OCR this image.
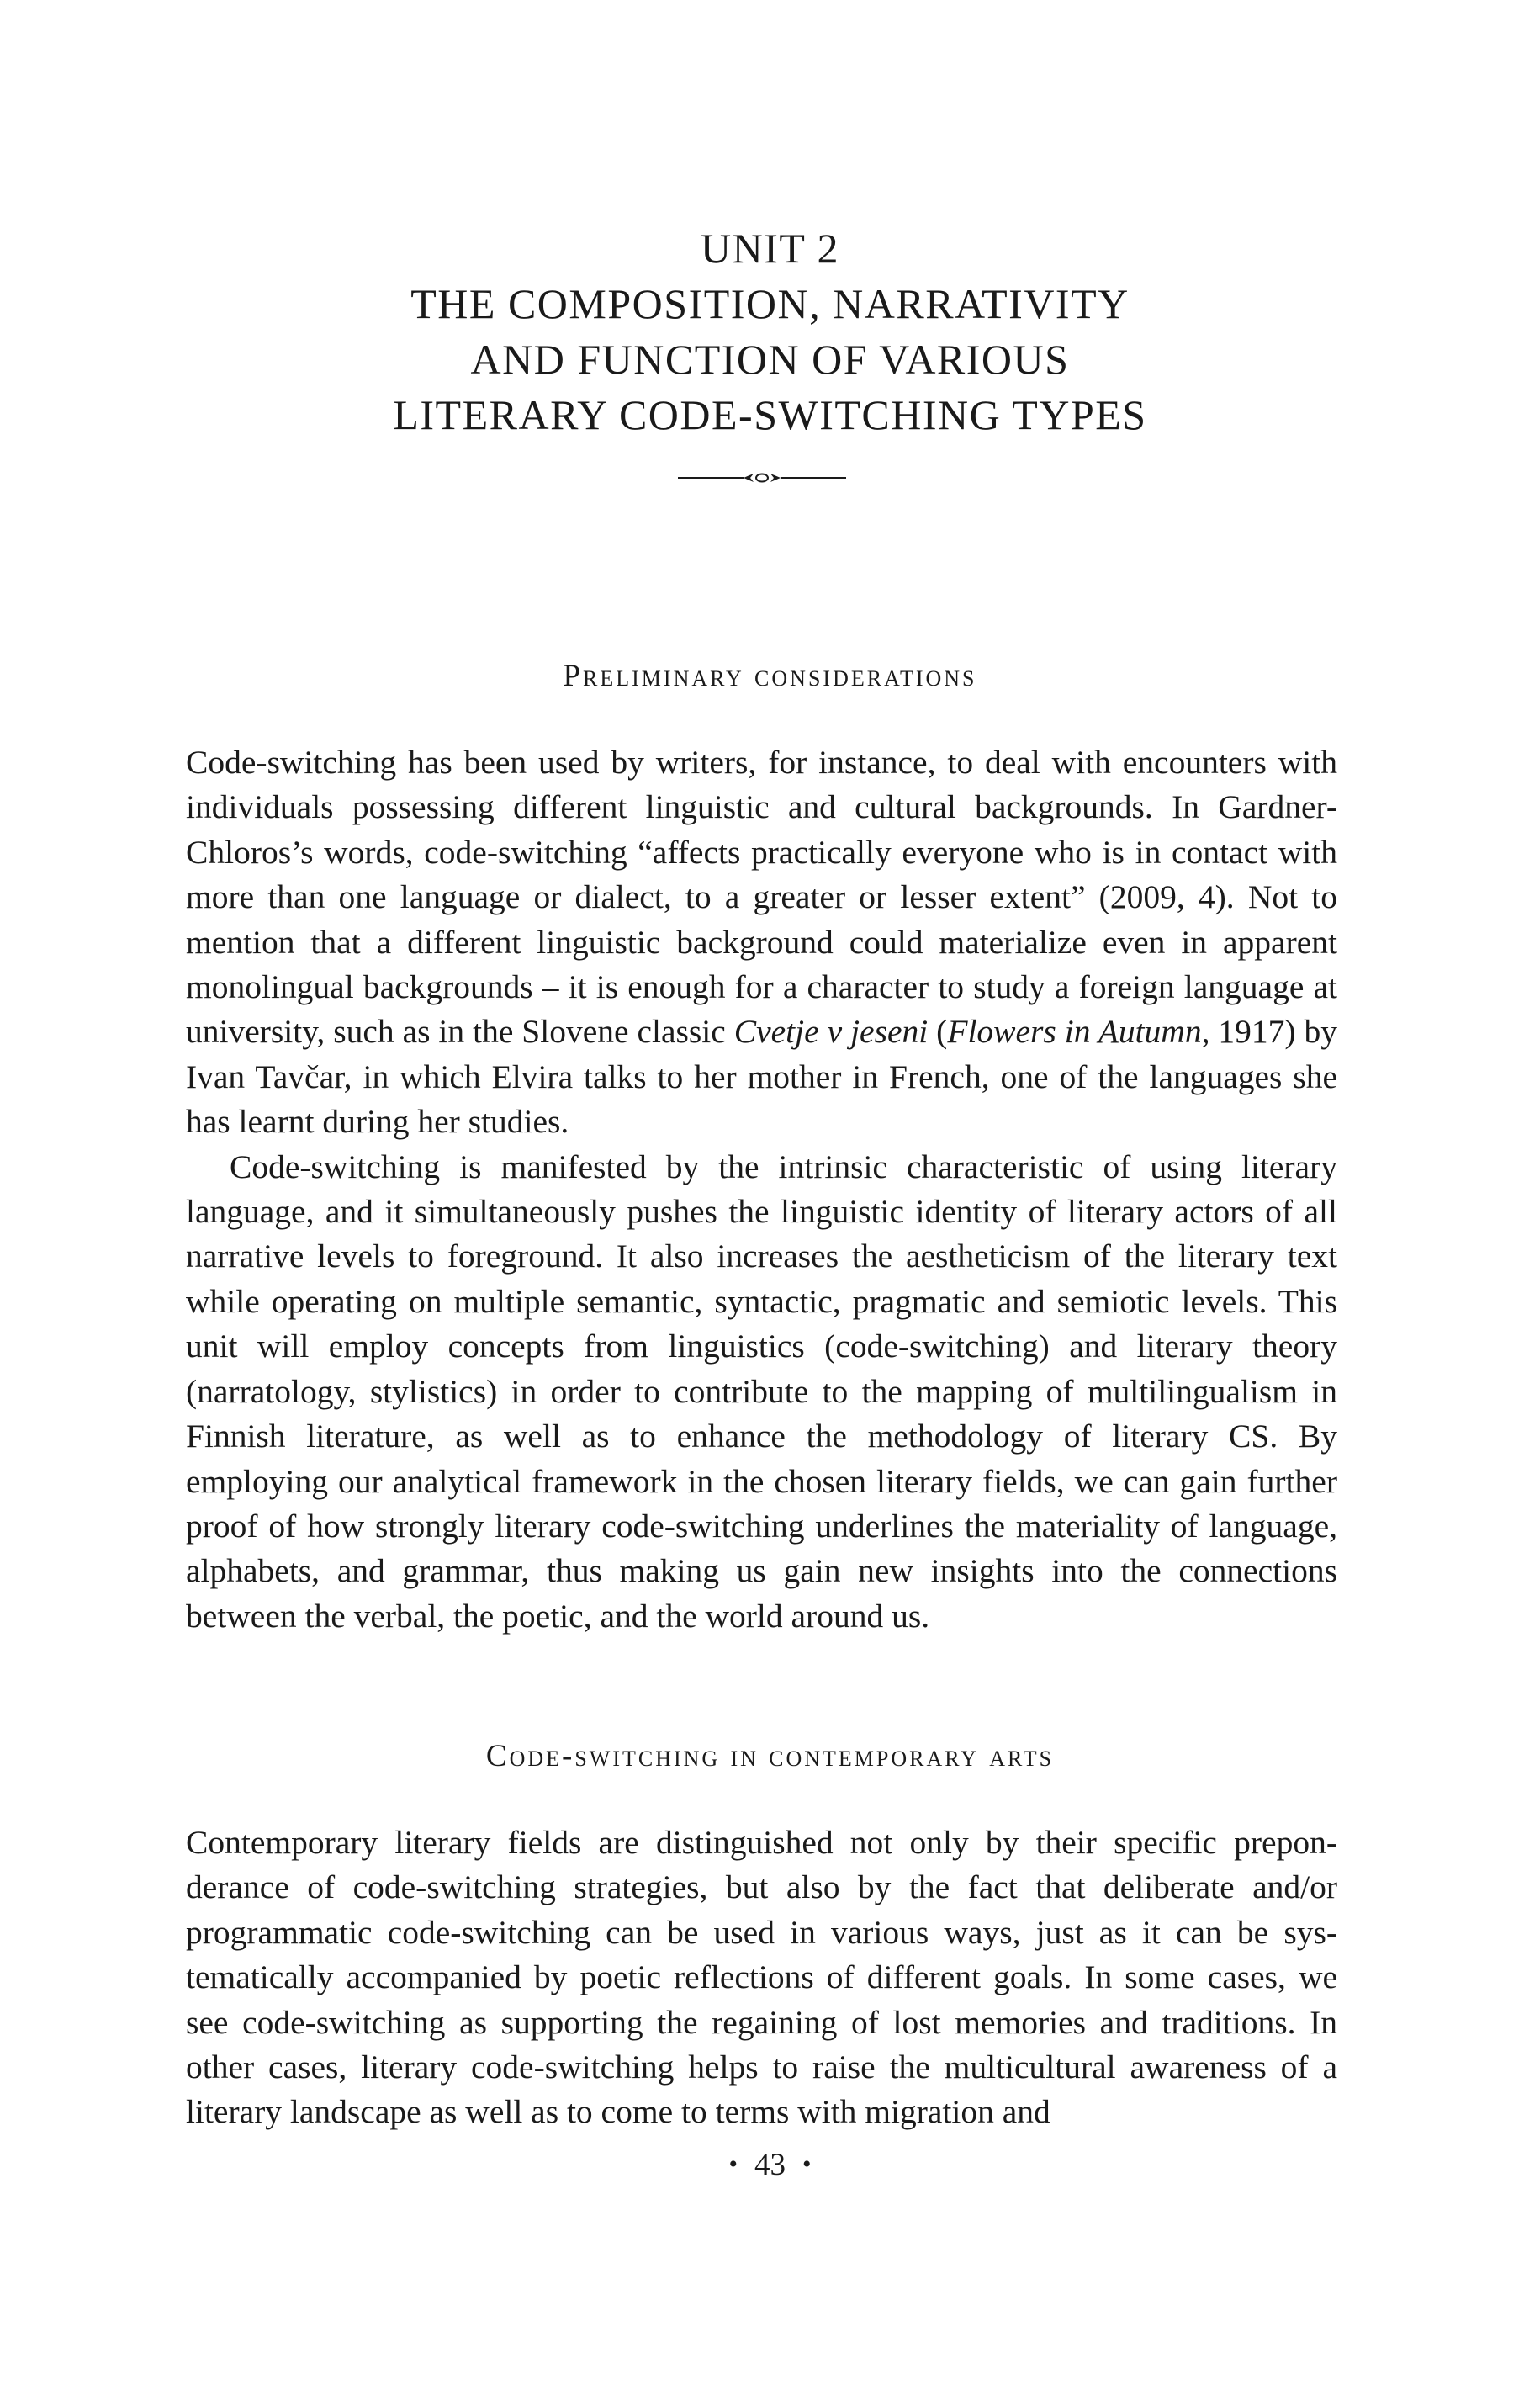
UNIT 2
THE COMPOSITION, NARRATIVITY
AND FUNCTION OF VARIOUS
LITERARY CODE-SWITCHING TYPES
Preliminary considerations

Code-switching has been used by writers, for instance, to deal with encounters with individuals possessing different linguistic and cultural backgrounds. In Gardner-Chloros’s words, code-switching “affects practically everyone who is in contact with more than one language or dialect, to a greater or lesser extent” (2009, 4). Not to mention that a different linguistic background could materialize even in apparent monolingual backgrounds – it is enough for a character to study a foreign language at university, such as in the Slovene classic Cvetje v jeseni (Flowers in Autumn, 1917) by Ivan Tavčar, in which Elvira talks to her mother in French, one of the languages she has learnt during her studies.

Code-switching is manifested by the intrinsic characteristic of using literary language, and it simultaneously pushes the linguistic identity of literary actors of all narrative levels to foreground. It also increases the aestheticism of the literary text while operating on multiple semantic, syntactic, pragmatic and semiotic levels. This unit will employ concepts from linguistics (code-switching) and literary theory (narratology, stylistics) in order to contribute to the mapping of multilingualism in Finnish literature, as well as to enhance the methodology of literary CS. By employing our analytical framework in the chosen literary fields, we can gain further proof of how strongly literary code-switching underlines the materiality of language, alphabets, and grammar, thus making us gain new insights into the connections between the verbal, the poetic, and the world around us.

Code-switching in contemporary arts

Contemporary literary fields are distinguished not only by their specific preponderance of code-switching strategies, but also by the fact that deliberate and/or programmatic code-switching can be used in various ways, just as it can be systematically accompanied by poetic reflections of different goals. In some cases, we see code-switching as supporting the regaining of lost memories and traditions. In other cases, literary code-switching helps to raise the multicultural awareness of a literary landscape as well as to come to terms with migration and

• 43 •
